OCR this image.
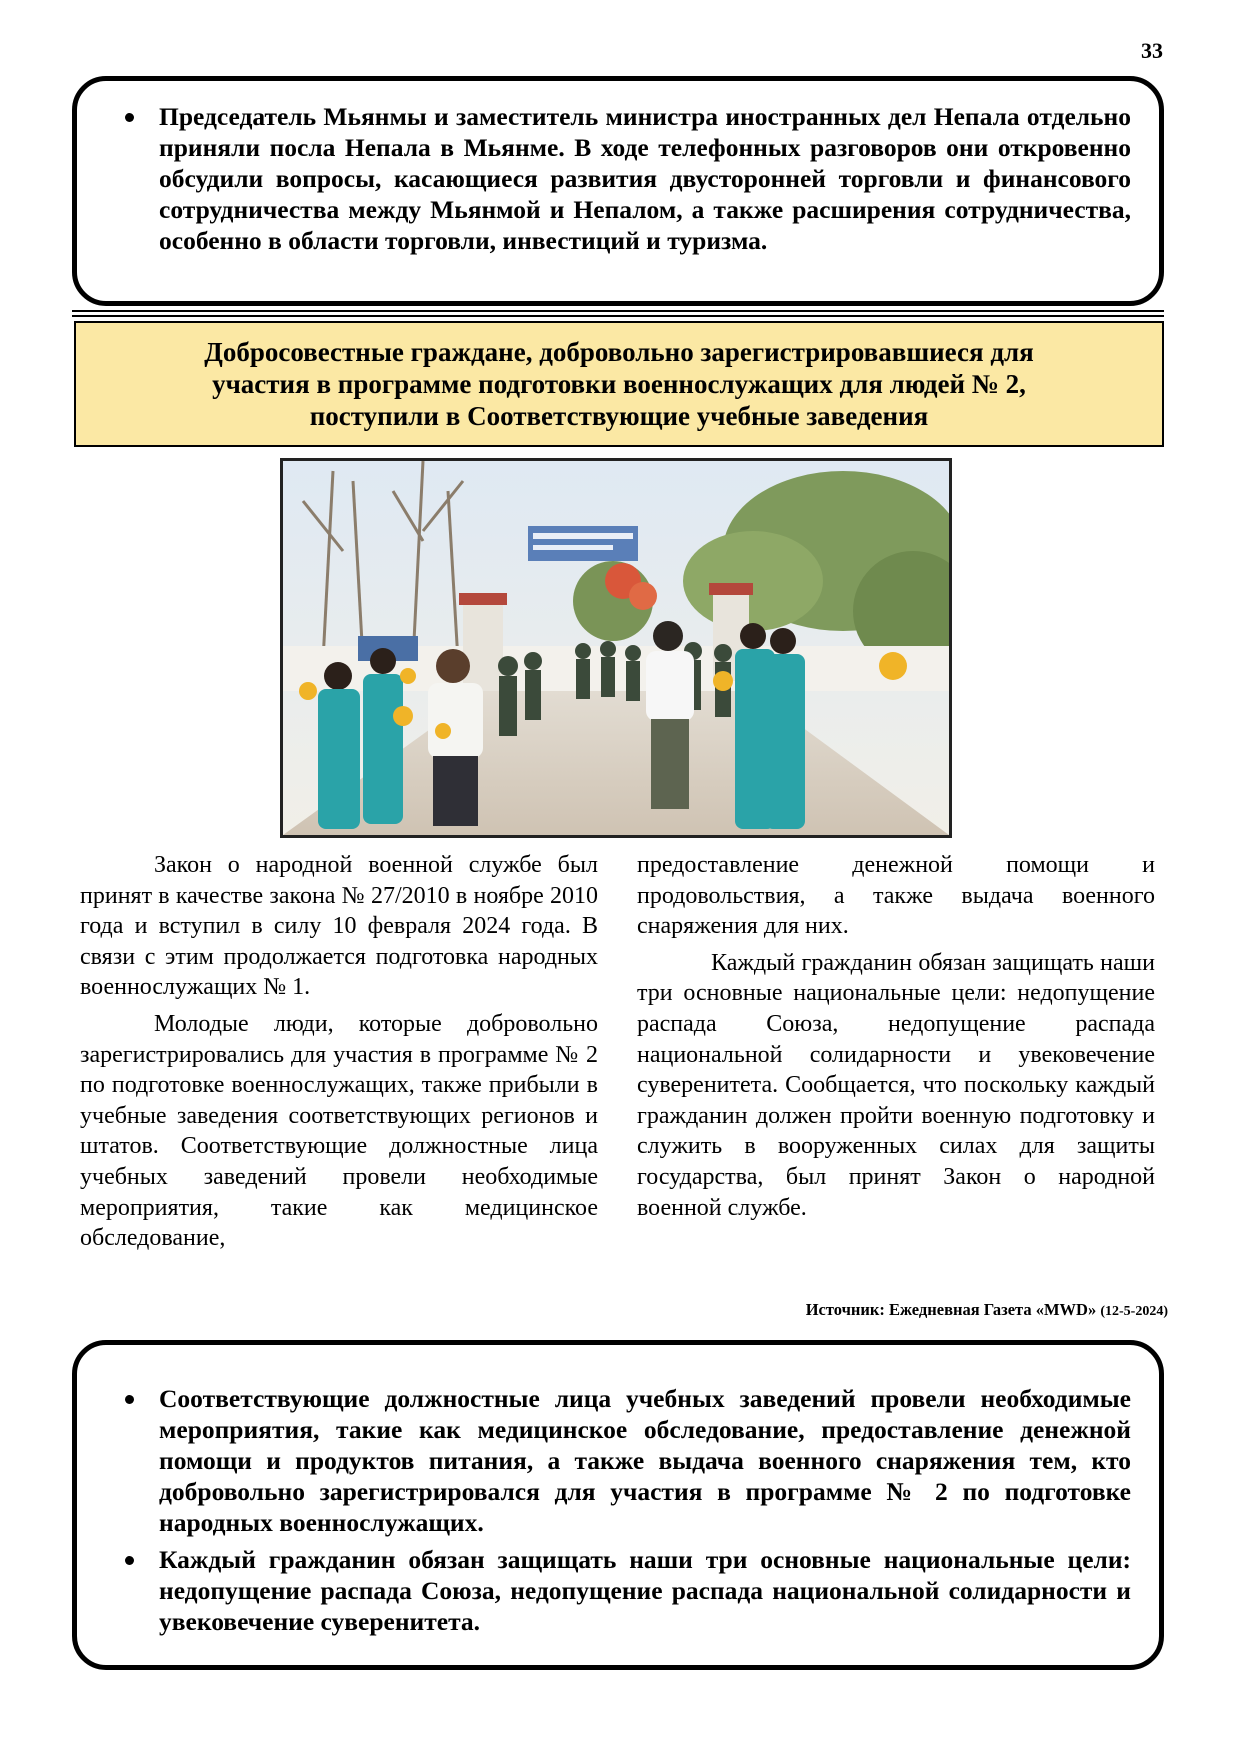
33
Председатель Мьянмы и заместитель министра иностранных дел Непала отдельно приняли посла Непала в Мьянме. В ходе телефонных разговоров они откровенно обсудили вопросы, касающиеся развития двусторонней торговли и финансового сотрудничества между Мьянмой и Непалом, а также расширения сотрудничества, особенно в области торговли, инвестиций и туризма.
Добросовестные граждане, добровольно зарегистрировавшиеся для
участия в программе подготовки военнослужащих для людей № 2,
поступили в Соответствующие учебные заведения

Закон о народной военной службе был принят в качестве закона № 27/2010 в ноябре 2010 года и вступил в силу 10 февраля 2024 года. В связи с этим продолжается подготовка народных военнослужащих № 1.

Молодые люди, которые добровольно зарегистрировались для участия в программе № 2 по подготовке военнослужащих, также прибыли в учебные заведения соответствующих регионов и штатов. Соответствующие должностные лица учебных заведений провели необходимые мероприятия, такие как медицинское обследование,

предоставление денежной помощи и продовольствия, а также выдача военного снаряжения для них.

Каждый гражданин обязан защищать наши три основные национальные цели: недопущение распада Союза, недопущение распада национальной солидарности и увековечение суверенитета. Сообщается, что поскольку каждый гражданин должен пройти военную подготовку и служить в вооруженных силах для защиты государства, был принят Закон о народной военной службе.

Источник: Ежедневная Газета «MWD» (12-5-2024)
Соответствующие должностные лица учебных заведений провели необходимые мероприятия, такие как медицинское обследование, предоставление денежной помощи и продуктов питания, а также выдача военного снаряжения тем, кто добровольно зарегистрировался для участия в программе № 2 по подготовке народных военнослужащих.
Каждый гражданин обязан защищать наши три основные национальные цели: недопущение распада Союза, недопущение распада национальной солидарности и увековечение суверенитета.
